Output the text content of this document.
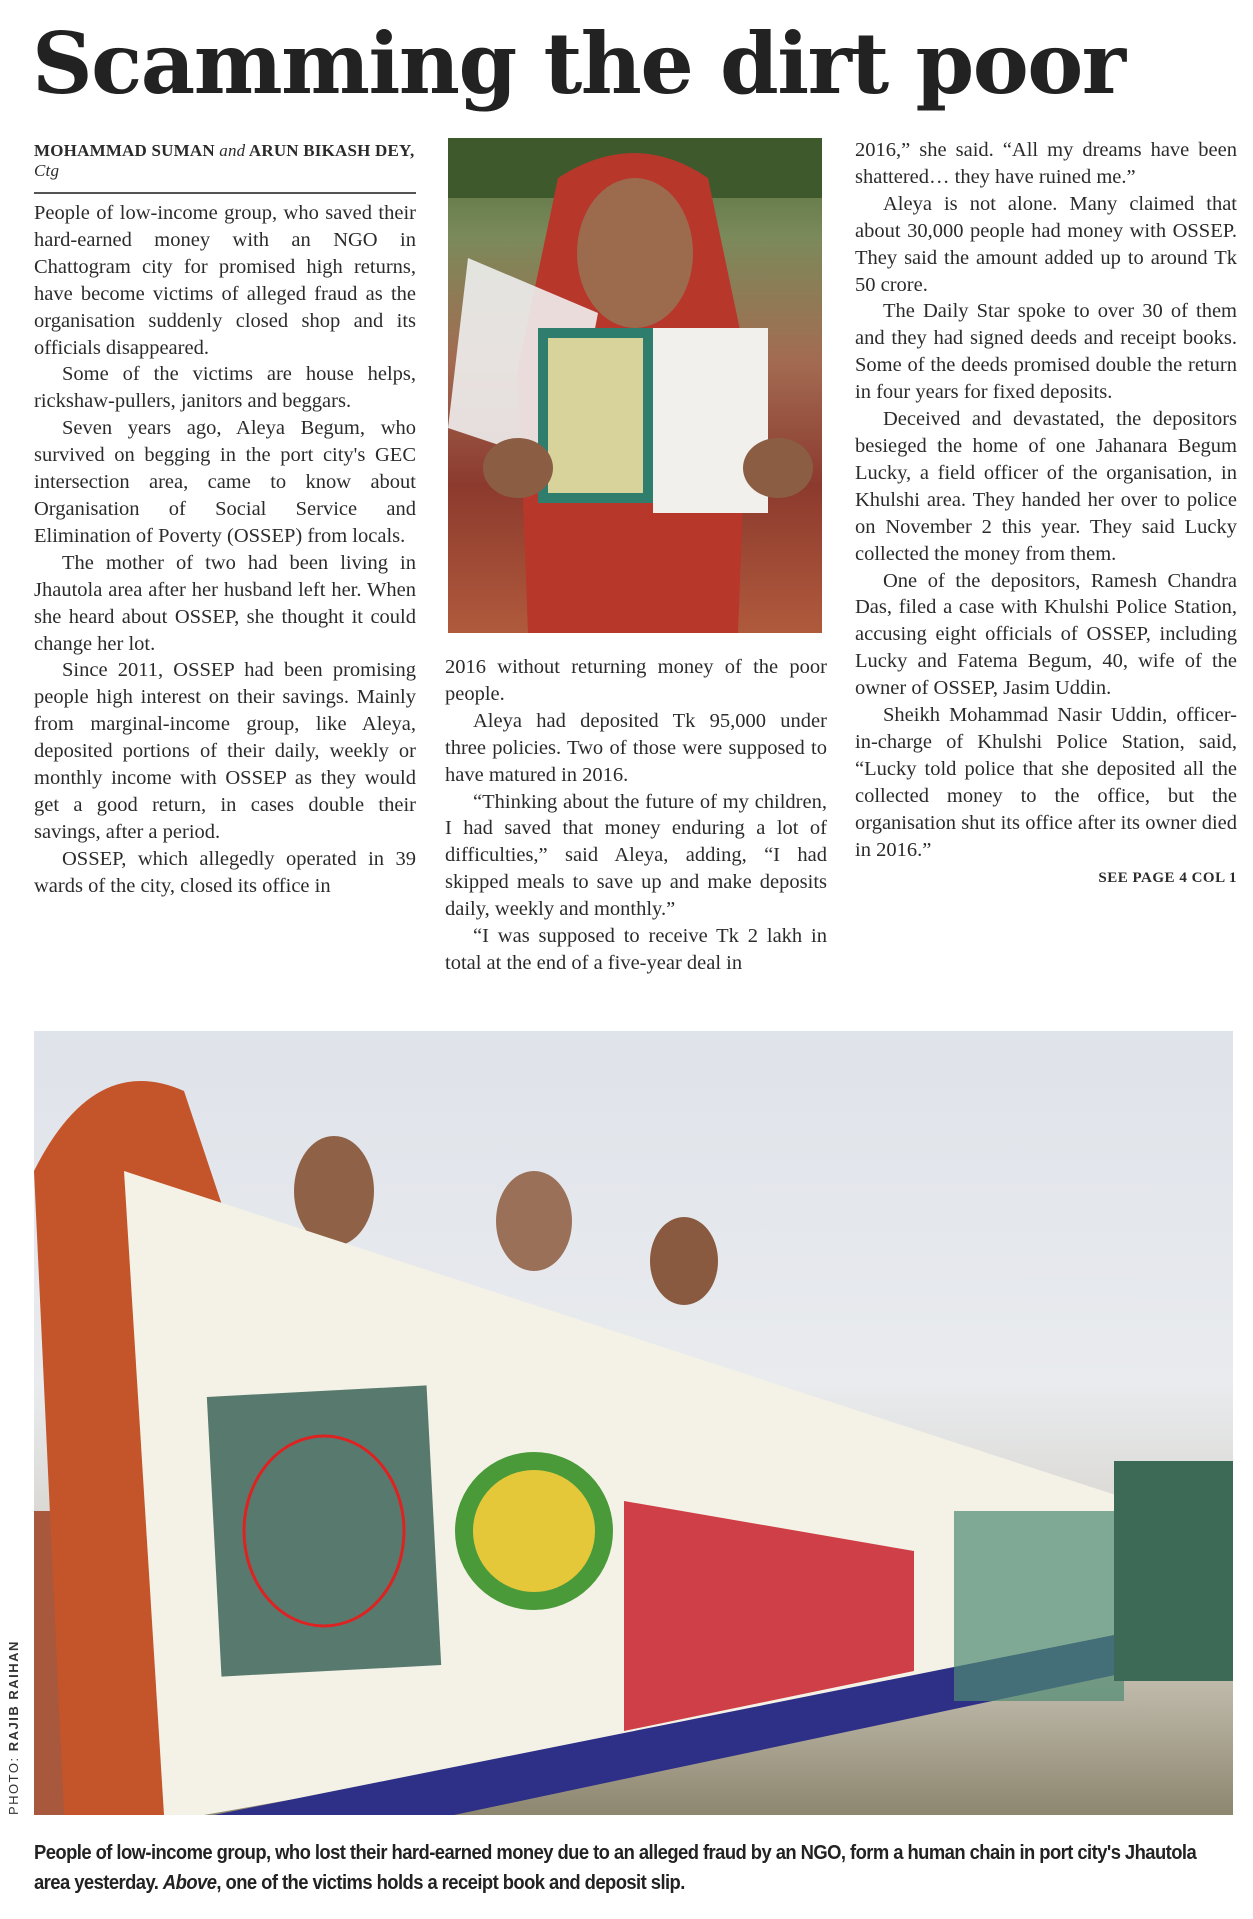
Scamming the dirt poor
MOHAMMAD SUMAN and ARUN BIKASH DEY, Ctg

People of low-income group, who saved their hard-earned money with an NGO in Chattogram city for promised high returns, have become victims of alleged fraud as the organisation suddenly closed shop and its officials disappeared.

Some of the victims are house helps, rickshaw-pullers, janitors and beggars.

Seven years ago, Aleya Begum, who survived on begging in the port city's GEC intersection area, came to know about Organisation of Social Service and Elimination of Poverty (OSSEP) from locals.

The mother of two had been living in Jhautola area after her husband left her. When she heard about OSSEP, she thought it could change her lot.

Since 2011, OSSEP had been promising people high interest on their savings. Mainly from marginal-income group, like Aleya, deposited portions of their daily, weekly or monthly income with OSSEP as they would get a good return, in cases double their savings, after a period.

OSSEP, which allegedly operated in 39 wards of the city, closed its office in

2016 without returning money of the poor people.

Aleya had deposited Tk 95,000 under three policies. Two of those were supposed to have matured in 2016.

“Thinking about the future of my children, I had saved that money enduring a lot of difficulties,” said Aleya, adding, “I had skipped meals to save up and make deposits daily, weekly and monthly.”

“I was supposed to receive Tk 2 lakh in total at the end of a five-year deal in

2016,” she said. “All my dreams have been shattered… they have ruined me.”

Aleya is not alone. Many claimed that about 30,000 people had money with OSSEP. They said the amount added up to around Tk 50 crore.

The Daily Star spoke to over 30 of them and they had signed deeds and receipt books. Some of the deeds promised double the return in four years for fixed deposits.

Deceived and devastated, the depositors besieged the home of one Jahanara Begum Lucky, a field officer of the organisation, in Khulshi area. They handed her over to police on November 2 this year. They said Lucky collected the money from them.

One of the depositors, Ramesh Chandra Das, filed a case with Khulshi Police Station, accusing eight officials of OSSEP, including Lucky and Fatema Begum, 40, wife of the owner of OSSEP, Jasim Uddin.

Sheikh Mohammad Nasir Uddin, officer-in-charge of Khulshi Police Station, said, “Lucky told police that she deposited all the collected money to the office, but the organisation shut its office after its owner died in 2016.”

SEE PAGE 4 COL 1
PHOTO: RAJIB RAIHAN
People of low-income group, who lost their hard-earned money due to an alleged fraud by an NGO, form a human chain in port city's Jhautola area yesterday. Above, one of the victims holds a receipt book and deposit slip.
